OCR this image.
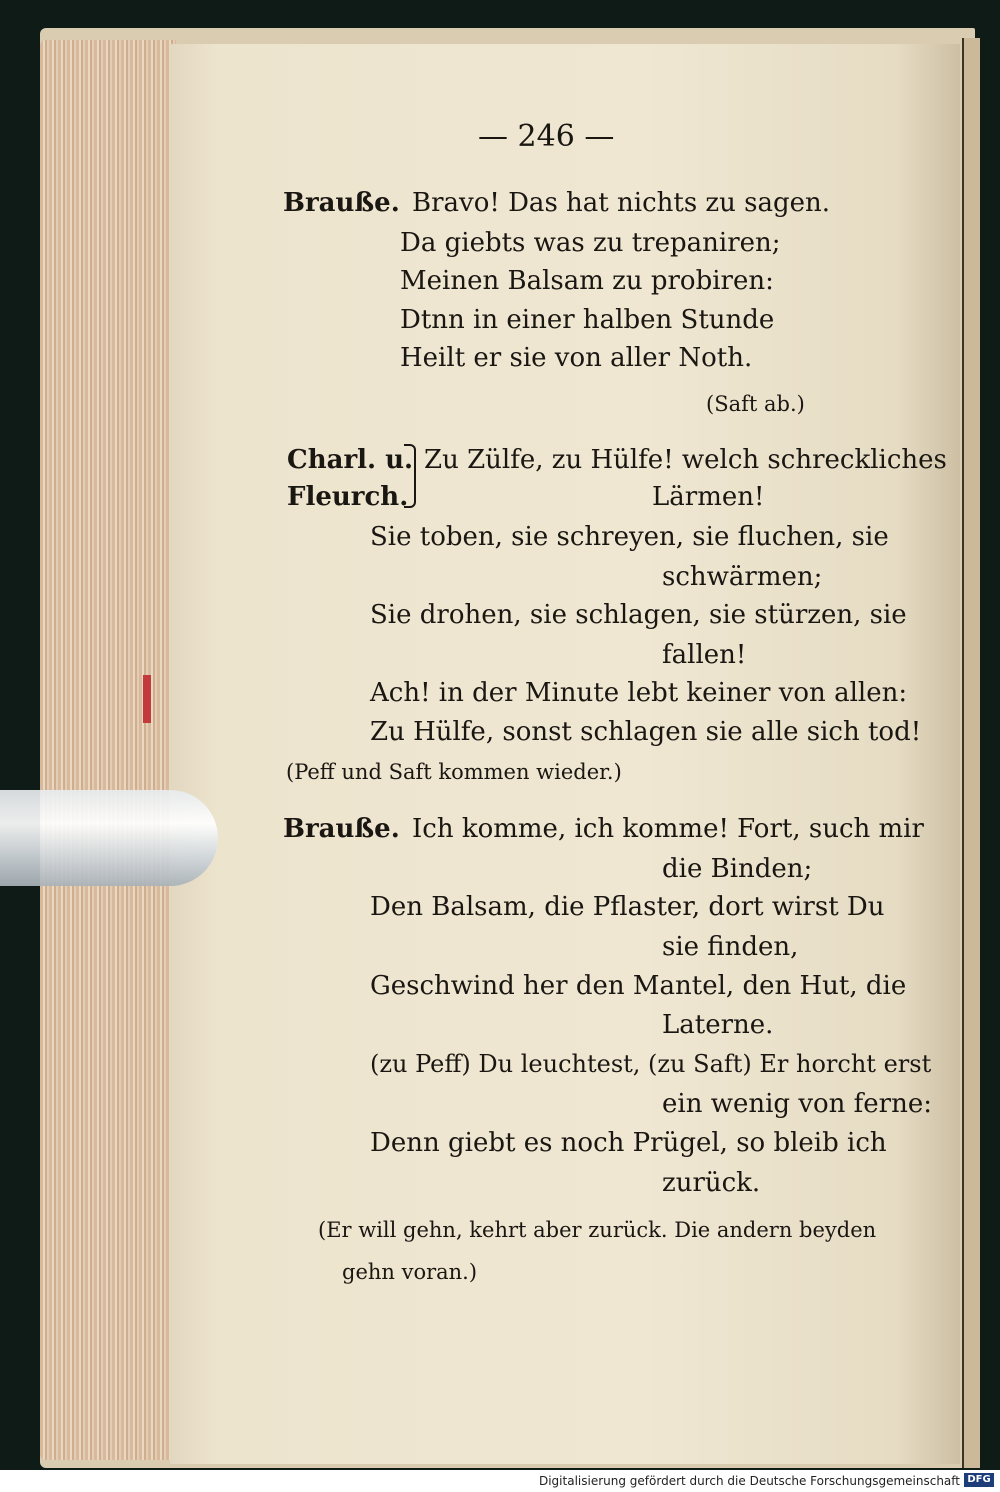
— 246 —
Braußе. Bravo! Das hat nichts zu sagen.
Da giebts was zu trepaniren;
Meinen Balsam zu probiren:
Dtnn in einer halben Stunde
Heilt er sie von aller Noth.
(Saft ab.)
Charl. u. Zu Zülfe, zu Hülfe! welch schreckliches
Fleurch.	Lärmen!
Sie toben, sie schreyen, sie fluchen, sie
schwärmen;
Sie drohen, sie schlagen, sie stürzen, sie
fallen!
Ach! in der Minute lebt keiner von allen:
Zu Hülfe, sonst schlagen sie alle sich tod!
(Peff und Saft kommen wieder.)
Braußе. Ich komme, ich komme! Fort, such mir
die Binden;
Den Balsam, die Pflaster, dort wirst Du
sie finden,
Geschwind her den Mantel, den Hut, die
Laterne.
(zu Peff) Du leuchtest, (zu Saft) Er horcht erst
ein wenig von ferne:
Denn giebt es noch Prügel, so bleib ich
zurück.
(Er will gehn, kehrt aber zurück. Die andern beyden
gehn voran.)
Digitalisierung gefördert durch die Deutsche Forschungsgemeinschaft DFG
